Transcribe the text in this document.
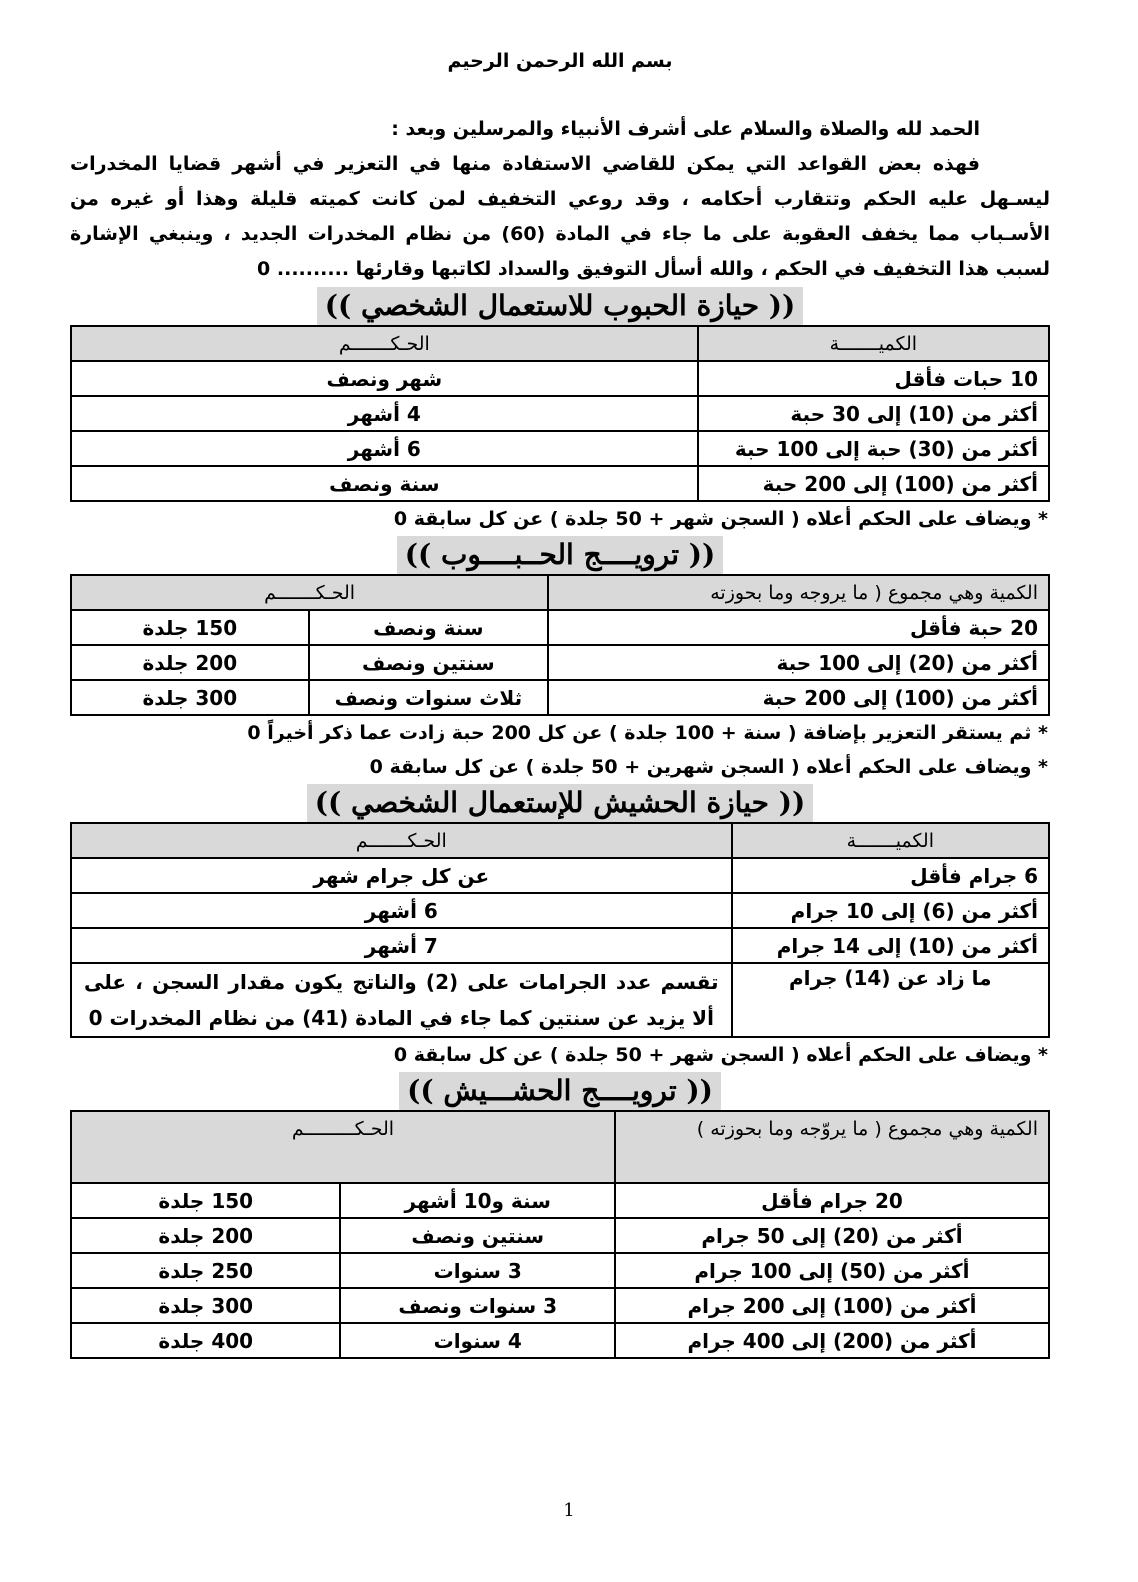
بسم الله الرحمن الرحيم

الحمد لله والصلاة والسلام على أشرف الأنبياء والمرسلين وبعد :

فهذه بعض القواعد التي يمكن للقاضي الاستفادة منها في التعزير في أشهر قضايا المخدرات ليسـهل عليه الحكم وتتقارب أحكامه ، وقد روعي التخفيف لمن كانت كميته قليلة وهذا أو غيره من الأسـباب مما يخفف العقوبة على ما جاء في المادة (60) من نظام المخدرات الجديد ، وينبغي الإشارة لسبب هذا التخفيف في الحكم ، والله أسأل التوفيق والسداد لكاتبها وقارئها .......... 0

(( حيازة الحبوب للاستعمال الشخصي ))
الكميـــــــة	الحـكـــــــم
10 حبات فأقل	شهر ونصف
أكثر من (10) إلى 30 حبة	4 أشهر
أكثر من (30) حبة إلى 100 حبة	6 أشهر
أكثر من (100) إلى 200 حبة	سنة ونصف

* ويضاف على الحكم أعلاه ( السجن شهر + 50 جلدة ) عن كل سابقة 0

(( ترويــــج الحــبــــوب ))
الكمية وهي مجموع ( ما يروجه وما بحوزته	الحـكـــــــم	
20 حبة فأقل	سنة ونصف	150 جلدة
أكثر من (20) إلى 100 حبة	سنتين ونصف	200 جلدة
أكثر من (100) إلى 200 حبة	ثلاث سنوات ونصف	300 جلدة

* ثم يستقر التعزير بإضافة ( سنة + 100 جلدة ) عن كل 200 حبة زادت عما ذكر أخيراً 0

* ويضاف على الحكم أعلاه ( السجن شهرين + 50 جلدة ) عن كل سابقة 0

(( حيازة الحشيش للإستعمال الشخصي ))
الكميـــــــة	الحـكـــــــم
6 جرام فأقل	عن كل جرام شهر
أكثر من (6) إلى 10 جرام	6 أشهر
أكثر من (10) إلى 14 جرام	7 أشهر
ما زاد عن (14) جرام	تقسم عدد الجرامات على (2) والناتج يكون مقدار السجن ، على ألا يزيد عن سنتين كما جاء في المادة (41) من نظام المخدرات 0

* ويضاف على الحكم أعلاه ( السجن شهر + 50 جلدة ) عن كل سابقة 0

(( ترويــــج الحشـــيش ))
الكمية وهي مجموع ( ما يروّجه وما بحوزته )	الحـكـــــــــم	
20 جرام فأقل	سنة و10 أشهر	150 جلدة
أكثر من (20) إلى 50 جرام	سنتين ونصف	200 جلدة
أكثر من (50) إلى 100 جرام	3 سنوات	250 جلدة
أكثر من (100) إلى 200 جرام	3 سنوات ونصف	300 جلدة
أكثر من (200) إلى 400 جرام	4 سنوات	400 جلدة
1
